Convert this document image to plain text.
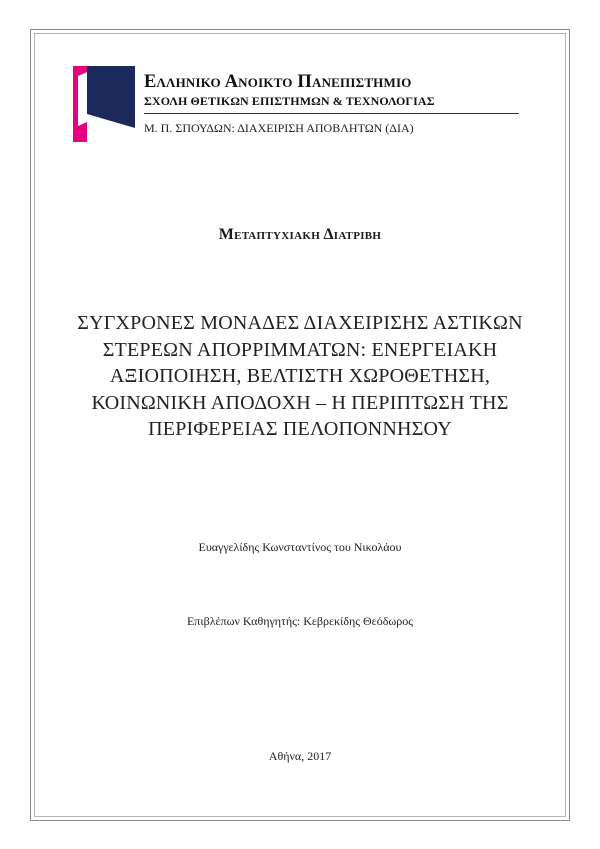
Ελληνικο Ανοικτο Πανεπιστημιο
ΣΧΟΛΗ ΘΕΤΙΚΩΝ ΕΠΙΣΤΗΜΩΝ & ΤΕΧΝΟΛΟΓΙΑΣ
Μ. Π. ΣΠΟΥΔΩΝ: ΔΙΑΧΕΙΡΙΣΗ ΑΠΟΒΛΗΤΩΝ (ΔΙΑ)
Μεταπτυχιακη Διατριβη
ΣΥΓΧΡΟΝΕΣ ΜΟΝΑΔΕΣ ΔΙΑΧΕΙΡΙΣΗΣ ΑΣΤΙΚΩΝ
ΣΤΕΡΕΩΝ ΑΠΟΡΡΙΜΜΑΤΩΝ: ΕΝΕΡΓΕΙΑΚΗ
ΑΞΙΟΠΟΙΗΣΗ, ΒΕΛΤΙΣΤΗ ΧΩΡΟΘΕΤΗΣΗ,
ΚΟΙΝΩΝΙΚΗ ΑΠΟΔΟΧΗ – Η ΠΕΡΙΠΤΩΣΗ ΤΗΣ
ΠΕΡΙΦΕΡΕΙΑΣ ΠΕΛΟΠΟΝΝΗΣΟΥ
Ευαγγελίδης Κωνσταντίνος του Νικολάου
Επιβλέπων Καθηγητής: Κεβρεκίδης Θεόδωρος
Αθήνα, 2017
